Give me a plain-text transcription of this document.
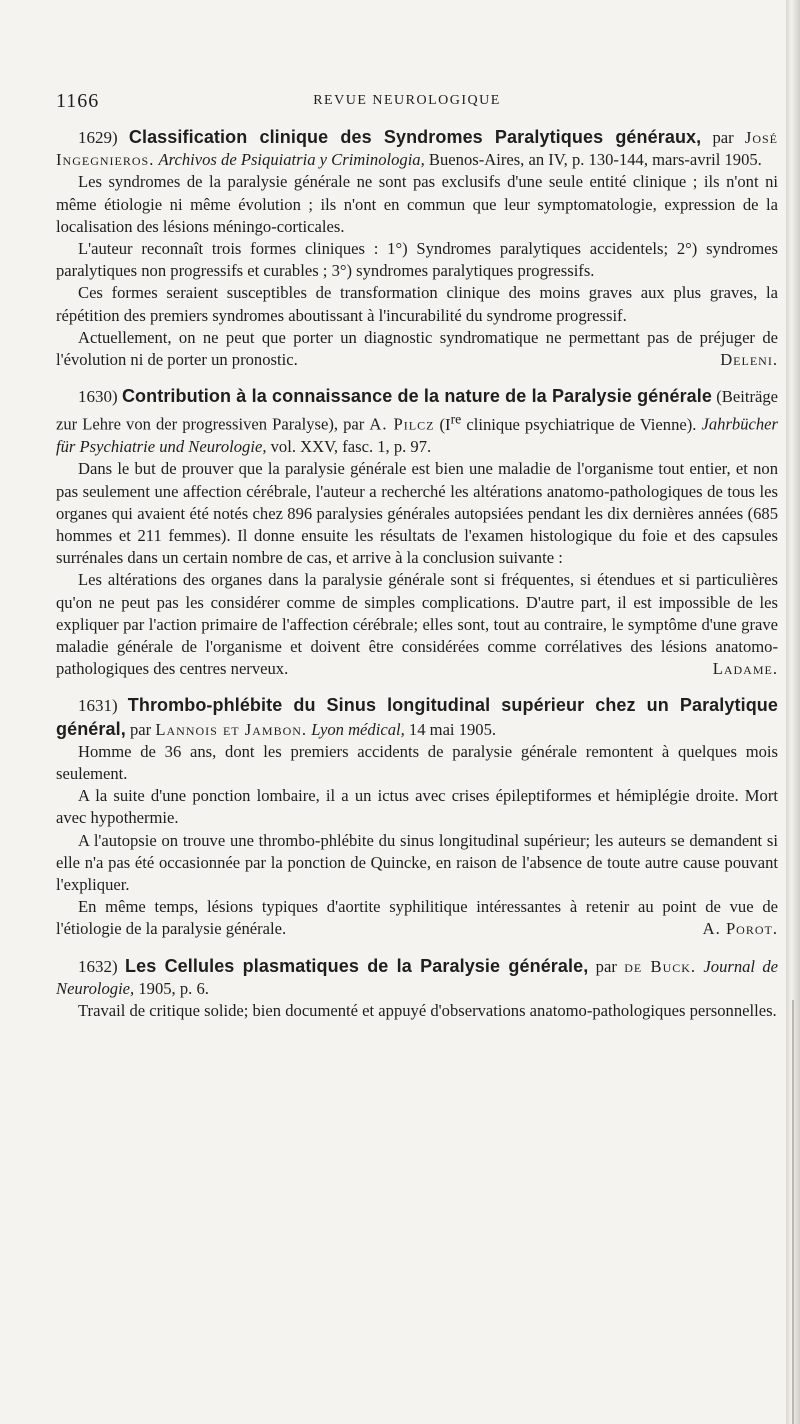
1166	REVUE NEUROLOGIQUE

1629) Classification clinique des Syndromes Paralytiques généraux, par José Ingegnieros. Archivos de Psiquiatria y Criminologia, Buenos-Aires, an IV, p. 130-144, mars-avril 1905.

Les syndromes de la paralysie générale ne sont pas exclusifs d'une seule entité clinique ; ils n'ont ni même étiologie ni même évolution ; ils n'ont en commun que leur symptomatologie, expression de la localisation des lésions méningo-corticales.

L'auteur reconnaît trois formes cliniques : 1°) Syndromes paralytiques accidentels; 2°) syndromes paralytiques non progressifs et curables ; 3°) syndromes paralytiques progressifs.

Ces formes seraient susceptibles de transformation clinique des moins graves aux plus graves, la répétition des premiers syndromes aboutissant à l'incurabilité du syndrome progressif.

Actuellement, on ne peut que porter un diagnostic syndromatique ne permettant pas de préjuger de l'évolution ni de porter un pronostic.	Deleni.

1630) Contribution à la connaissance de la nature de la Paralysie générale (Beiträge zur Lehre von der progressiven Paralyse), par A. Pilcz (Ire clinique psychiatrique de Vienne). Jahrbücher für Psychiatrie und Neurologie, vol. XXV, fasc. 1, p. 97.

Dans le but de prouver que la paralysie générale est bien une maladie de l'organisme tout entier, et non pas seulement une affection cérébrale, l'auteur a recherché les altérations anatomo-pathologiques de tous les organes qui avaient été notés chez 896 paralysies générales autopsiées pendant les dix dernières années (685 hommes et 211 femmes). Il donne ensuite les résultats de l'examen histologique du foie et des capsules surrénales dans un certain nombre de cas, et arrive à la conclusion suivante :

Les altérations des organes dans la paralysie générale sont si fréquentes, si étendues et si particulières qu'on ne peut pas les considérer comme de simples complications. D'autre part, il est impossible de les expliquer par l'action primaire de l'affection cérébrale; elles sont, tout au contraire, le symptôme d'une grave maladie générale de l'organisme et doivent être considérées comme corrélatives des lésions anatomo-pathologiques des centres nerveux.	Ladame.

1631) Thrombo-phlébite du Sinus longitudinal supérieur chez un Paralytique général, par Lannois et Jambon. Lyon médical, 14 mai 1905.

Homme de 36 ans, dont les premiers accidents de paralysie générale remontent à quelques mois seulement.

A la suite d'une ponction lombaire, il a un ictus avec crises épileptiformes et hémiplégie droite. Mort avec hypothermie.

A l'autopsie on trouve une thrombo-phlébite du sinus longitudinal supérieur; les auteurs se demandent si elle n'a pas été occasionnée par la ponction de Quincke, en raison de l'absence de toute autre cause pouvant l'expliquer.

En même temps, lésions typiques d'aortite syphilitique intéressantes à retenir au point de vue de l'étiologie de la paralysie générale.	A. Porot.

1632) Les Cellules plasmatiques de la Paralysie générale, par de Buck. Journal de Neurologie, 1905, p. 6.

Travail de critique solide; bien documenté et appuyé d'observations anatomo-pathologiques personnelles.
